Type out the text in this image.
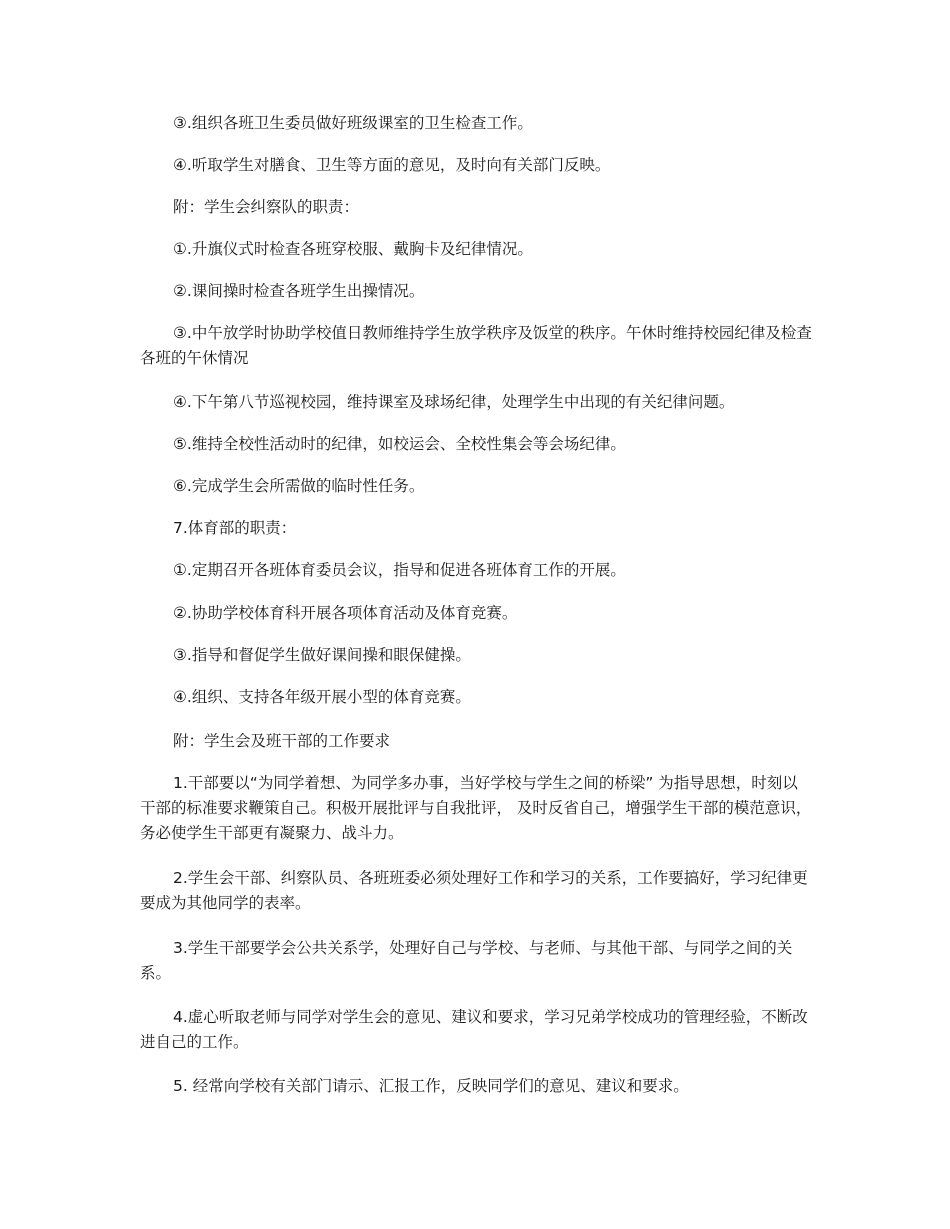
③.组织各班卫生委员做好班级课室的卫生检查工作。

④.听取学生对膳食、卫生等方面的意见，及时向有关部门反映。

附：学生会纠察队的职责：

①.升旗仪式时检查各班穿校服、戴胸卡及纪律情况。

②.课间操时检查各班学生出操情况。

③.中午放学时协助学校值日教师维持学生放学秩序及饭堂的秩序。午休时维持校园纪律及检查各班的午休情况

④.下午第八节巡视校园，维持课室及球场纪律，处理学生中出现的有关纪律问题。

⑤.维持全校性活动时的纪律，如校运会、全校性集会等会场纪律。

⑥.完成学生会所需做的临时性任务。

7.体育部的职责：

①.定期召开各班体育委员会议，指导和促进各班体育工作的开展。

②.协助学校体育科开展各项体育活动及体育竞赛。

③.指导和督促学生做好课间操和眼保健操。

④.组织、支持各年级开展小型的体育竞赛。

附：学生会及班干部的工作要求

1.干部要以“为同学着想、为同学多办事，当好学校与学生之间的桥梁” 为指导思想，时刻以干部的标准要求鞭策自己。积极开展批评与自我批评， 及时反省自己，增强学生干部的模范意识，务必使学生干部更有凝聚力、战斗力。

2.学生会干部、纠察队员、各班班委必须处理好工作和学习的关系，工作要搞好，学习纪律更要成为其他同学的表率。

3.学生干部要学会公共关系学，处理好自己与学校、与老师、与其他干部、与同学之间的关系。

4.虚心听取老师与同学对学生会的意见、建议和要求，学习兄弟学校成功的管理经验，不断改进自己的工作。

5. 经常向学校有关部门请示、汇报工作，反映同学们的意见、建议和要求。
